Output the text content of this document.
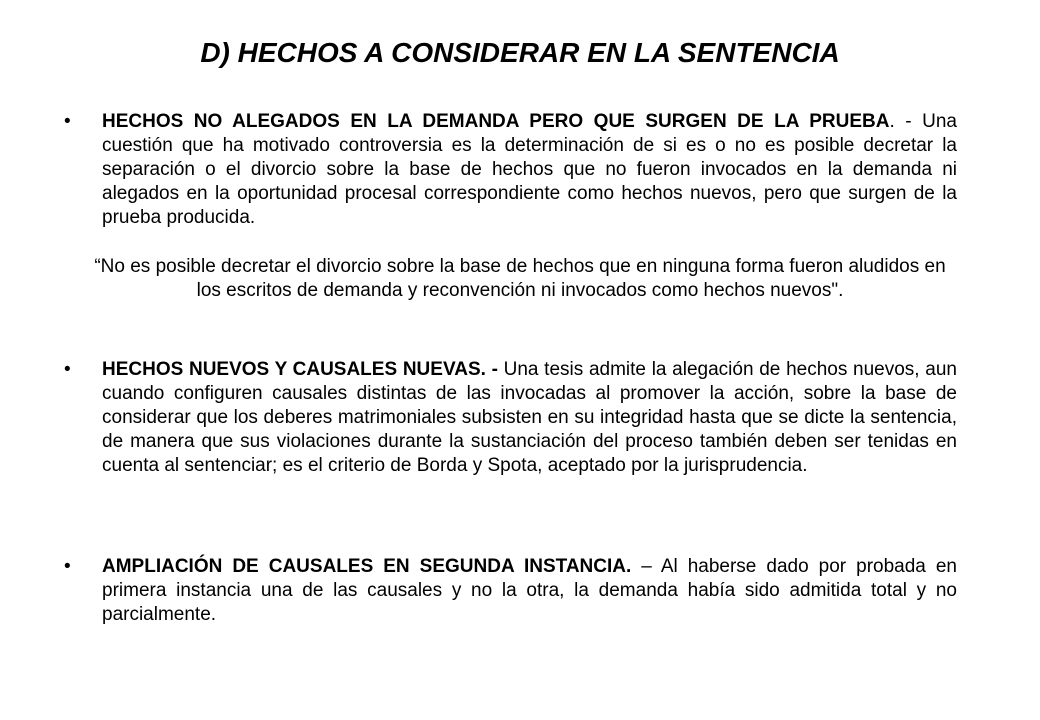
D) HECHOS A CONSIDERAR EN LA SENTENCIA
•	HECHOS NO ALEGADOS EN LA DEMANDA PERO QUE SURGEN DE LA PRUEBA. - Una cuestión que ha motivado controversia es la determinación de si es o no es posible decretar la separación o el divorcio sobre la base de hechos que no fueron invocados en la demanda ni alegados en la oportunidad procesal correspondiente como hechos nuevos, pero que surgen de la prueba producida.

“No es posible decretar el divorcio sobre la base de hechos que en ninguna forma fueron aludidos en los escritos de demanda y reconvención ni invocados como hechos nuevos".

•	HECHOS NUEVOS Y CAUSALES NUEVAS. - Una tesis admite la alegación de hechos nuevos, aun cuando configuren causales distintas de las invocadas al promover la acción, sobre la base de considerar que los deberes matrimoniales subsisten en su integridad hasta que se dicte la sentencia, de manera que sus violaciones durante la sustanciación del proceso también deben ser tenidas en cuenta al sentenciar; es el criterio de Borda y Spota, aceptado por la jurisprudencia.

•	AMPLIACIÓN DE CAUSALES EN SEGUNDA INSTANCIA. – Al haberse dado por probada en primera instancia una de las causales y no la otra, la demanda había sido admitida total y no parcialmente.
